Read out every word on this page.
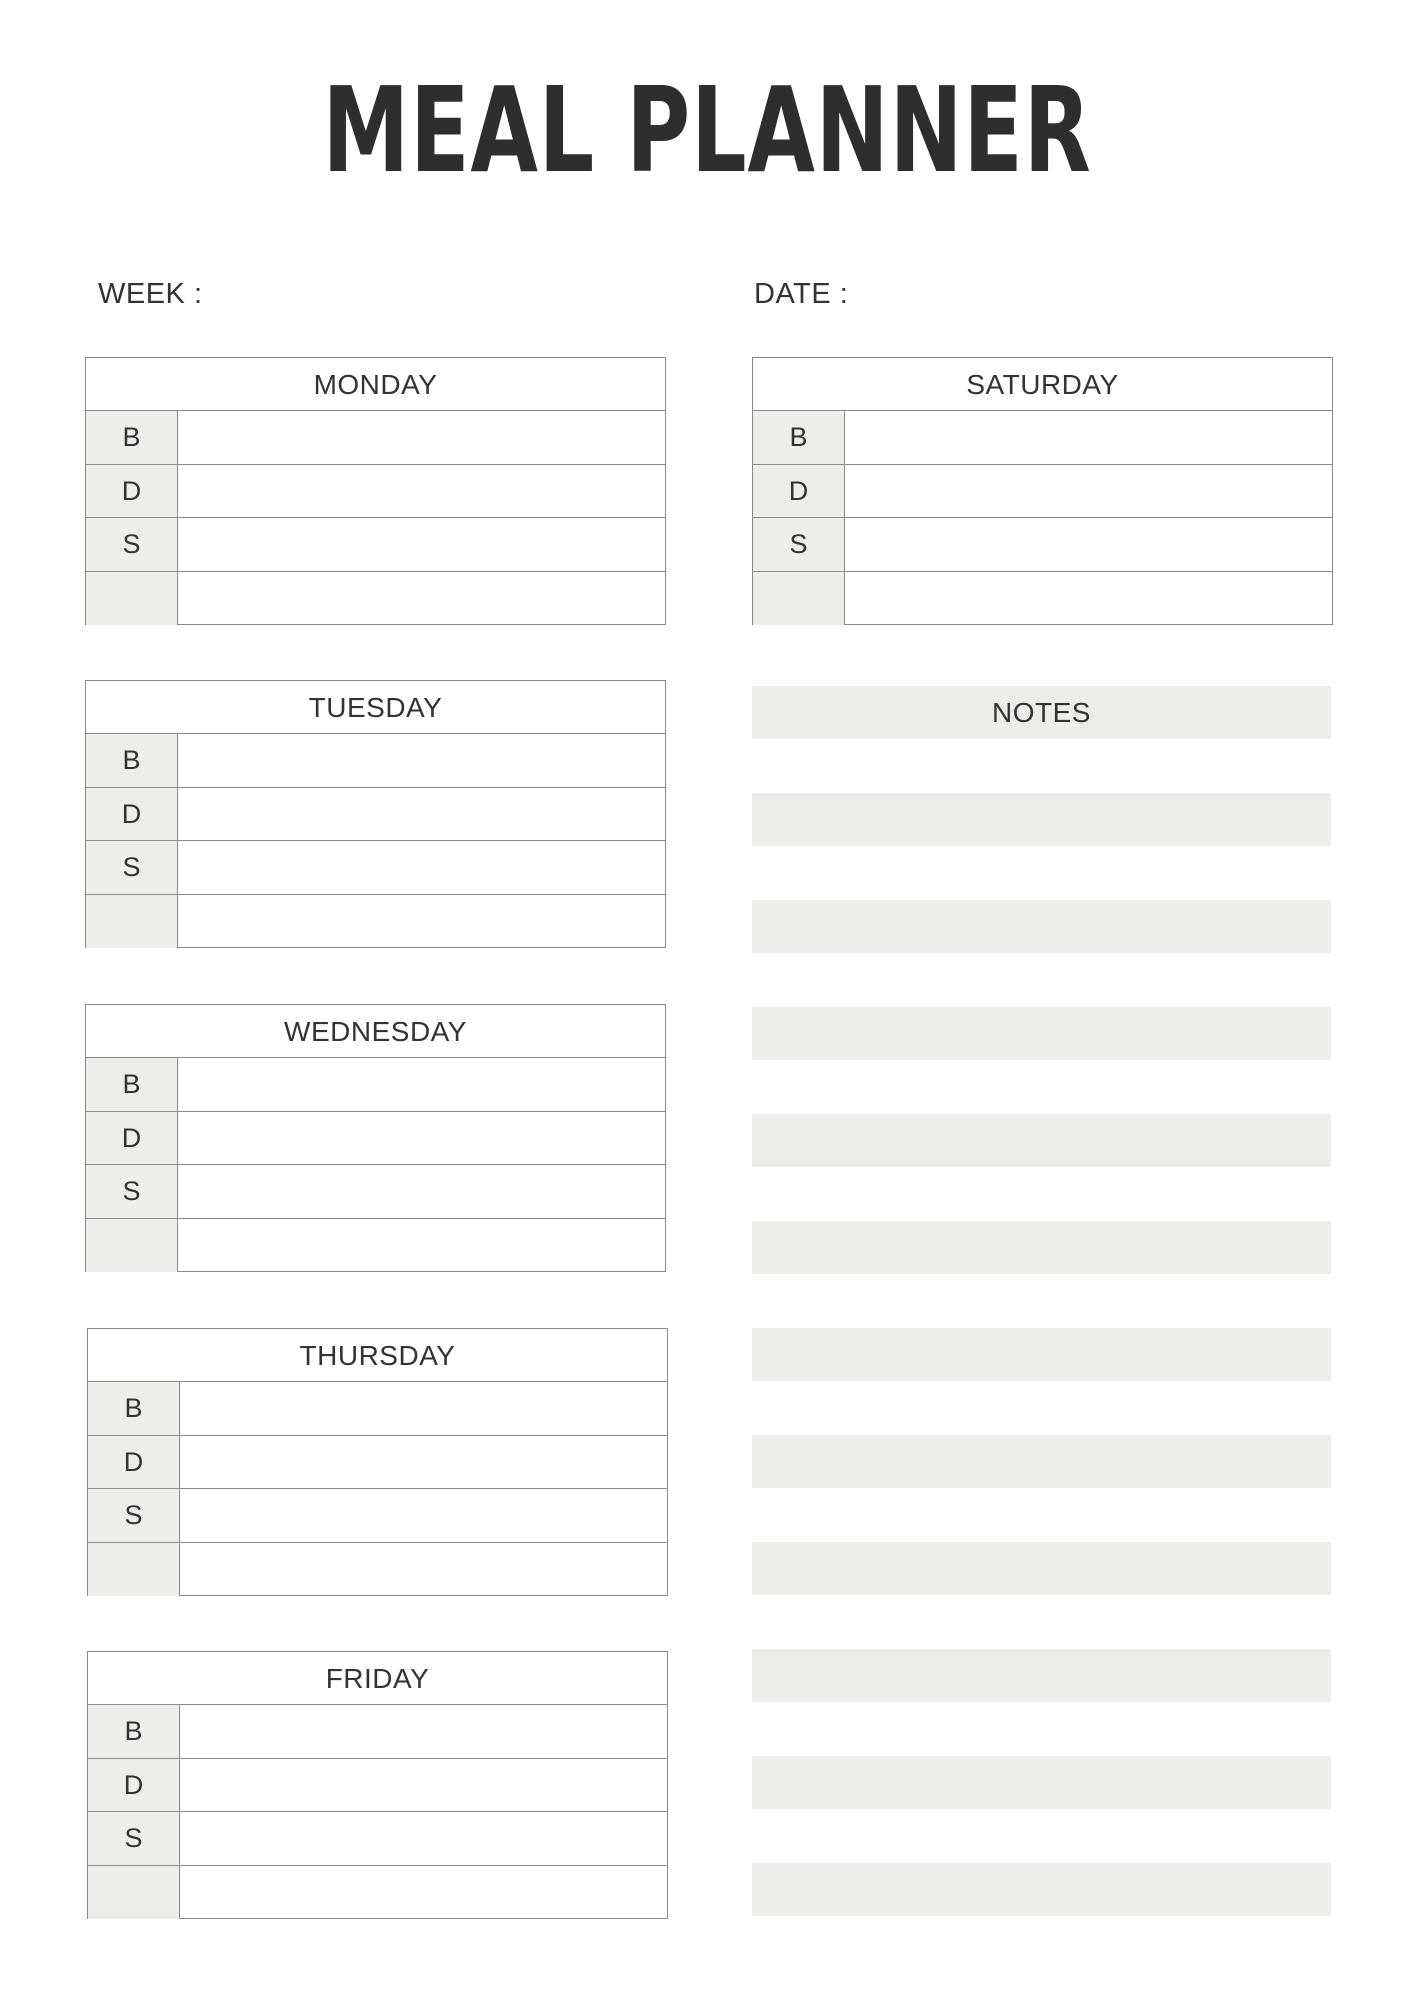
MEAL PLANNER
WEEK :	DATE :
MONDAY
B
D
S
TUESDAY
B
D
S
WEDNESDAY
B
D
S
THURSDAY
B
D
S
FRIDAY
B
D
S
SATURDAY
B
D
S
NOTES
